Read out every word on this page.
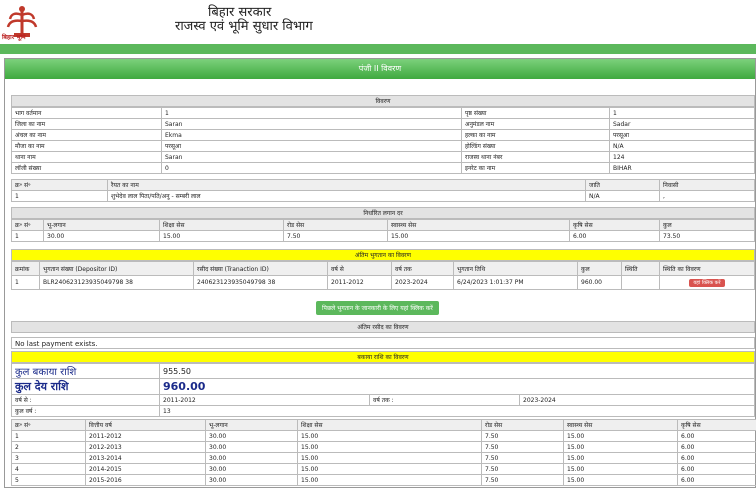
बिहार भूमि
बिहार सरकार
राजस्व एवं भूमि सुधार विभाग
पंजी II विवरण
विवरण
भाग वर्तमान	1	पृष्ठ संख्या	1
जिला का नाम	Saran	अनुमंडल नाम	Sadar
अंचल का नाम	Ekma	हल्का का नाम	परसूआ
मौजा का नाम	परसूआ	होल्डिंग संख्या	N/A
थाना नाम	Saran	राजस्व थाना नंबर	124
लॉजी संख्या	0	इनरेट का नाम	BIHAR
क्र॰ सं॰	रैयत का नाम	जाति	निवासी
1	शुभेदेव लाल पिता/पति/अनु - सम्बरी लाल	N/A	,
निर्धारित लगान दर
क्र॰ सं॰	भू-लगान	शिक्षा सेस	रोड सेस	स्वास्थ्य सेस	कृषि सेस	कुल
1	30.00	15.00	7.50	15.00	6.00	73.50
अंतिम भुगतान का विवरण
क्रमांक	भुगतान संख्या (Depositor ID)	रसीद संख्या (Tranaction ID)	वर्ष से	वर्ष तक	भुगतान तिथि	कुल	स्थिति	स्थिति का विवरण
1	BLR240623123935049798 38	240623123935049798 38	2011-2012	2023-2024	6/24/2023 1:01:37 PM	960.00		यहां क्लिक करें
पिछले भुगतान के जानकारी के लिए यहां क्लिक करें
अंतिम रसीद का विवरण
No last payment exists.
बकाया राशि का विवरण
कुल बकाया राशि	955.50		
कुल देय राशि	960.00		
वर्ष से :	2011-2012	वर्ष तक :	2023-2024
कुल वर्ष :	13		
क्र॰ सं॰	वित्तीय वर्ष	भू-लगान	शिक्षा सेस	रोड सेस	स्वास्थ्य सेस	कृषि सेस	
1	2011-2012	30.00	15.00	7.50	15.00	6.00	
2	2012-2013	30.00	15.00	7.50	15.00	6.00	
3	2013-2014	30.00	15.00	7.50	15.00	6.00	
4	2014-2015	30.00	15.00	7.50	15.00	6.00	
5	2015-2016	30.00	15.00	7.50	15.00	6.00	
